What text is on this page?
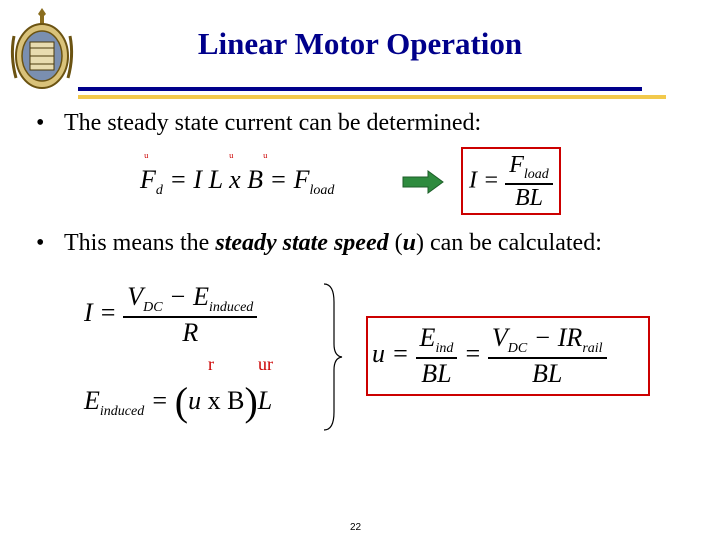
Linear Motor Operation
• The steady state current can be determined:
$F_d = I$ L x $B = F_{load}$
ᵘ	ᵘ ᵘ
$I = \frac{F_{load}}{BL}$
• This means the steady state speed (u) can be calculated:
$I = \frac{V_{DC} - E_{induced}}{R}$
$E_{induced} = (u$ x B)L
r ur	$u = \frac{E_{ind}}{BL} = \frac{V_{DC} - IR_{rail}}{BL}$
22
